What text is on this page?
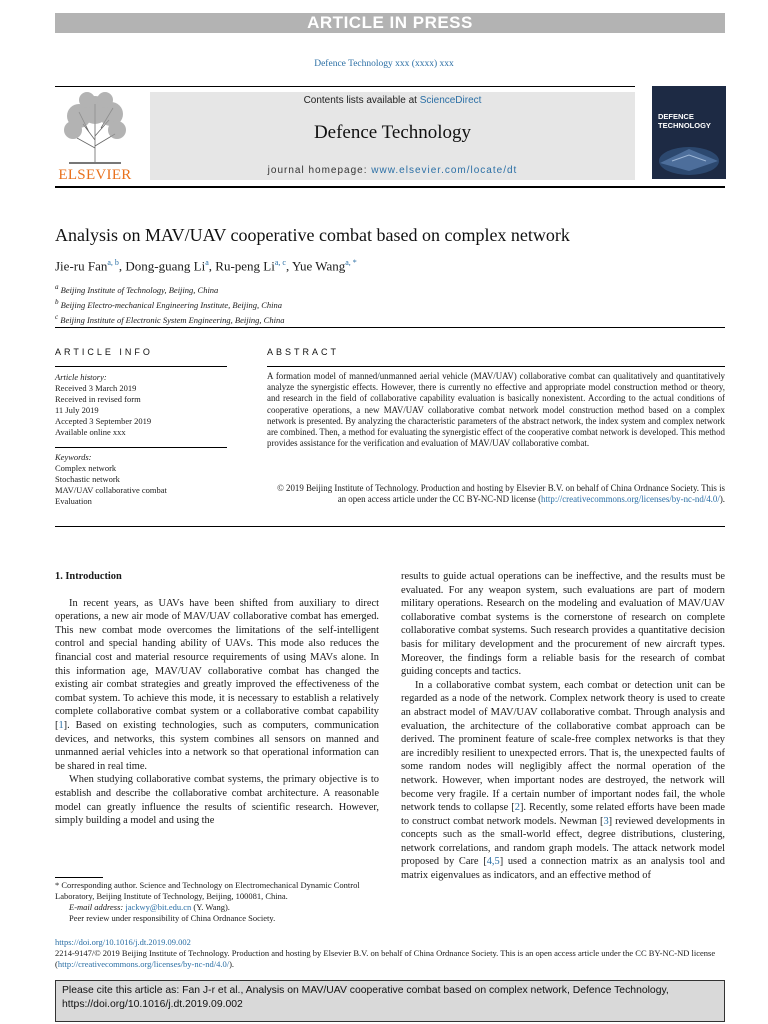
ARTICLE IN PRESS
Defence Technology xxx (xxxx) xxx
ELSEVIER
Contents lists available at ScienceDirect
Defence Technology
journal homepage: www.elsevier.com/locate/dt
DEFENCE
TECHNOLOGY
Analysis on MAV/UAV cooperative combat based on complex network
Jie-ru Fan$^{a, b}$, Dong-guang Li$^a$, Ru-peng Li$^{a, c}$, Yue Wang$^{a, *}$
$^a$ Beijing Institute of Technology, Beijing, China
$^b$ Beijing Electro-mechanical Engineering Institute, Beijing, China
$^c$ Beijing Institute of Electronic System Engineering, Beijing, China
ARTICLE INFO
Article history:
Received 3 March 2019
Received in revised form
11 July 2019
Accepted 3 September 2019
Available online xxx
Keywords:
Complex network
Stochastic network
MAV/UAV collaborative combat
Evaluation
ABSTRACT
A formation model of manned/unmanned aerial vehicle (MAV/UAV) collaborative combat can qualitatively and quantitatively analyze the synergistic effects. However, there is currently no effective and appropriate model construction method or theory, and research in the field of collaborative capability evaluation is basically nonexistent. According to the actual conditions of cooperative operations, a new MAV/UAV collaborative combat network model construction method based on a complex network is presented. By analyzing the characteristic parameters of the abstract network, the index system and complex network are combined. Then, a method for evaluating the synergistic effect of the cooperative combat network is developed. This method provides assistance for the verification and evaluation of MAV/UAV collaborative combat.
© 2019 Beijing Institute of Technology. Production and hosting by Elsevier B.V. on behalf of China Ordnance Society. This is an open access article under the CC BY-NC-ND license (http://creativecommons.org/licenses/by-nc-nd/4.0/).
1. Introduction

In recent years, as UAVs have been shifted from auxiliary to direct operations, a new air mode of MAV/UAV collaborative combat has emerged. This new combat mode overcomes the limitations of the self-intelligent control and special handing ability of UAVs. This mode also reduces the financial cost and material resource requirements of using MAVs alone. In this information age, MAV/UAV collaborative combat has changed the existing air combat strategies and greatly improved the effectiveness of the combat system. To achieve this mode, it is necessary to establish a relatively complete collaborative combat system or a collaborative combat capability [1]. Based on existing technologies, such as computers, communication devices, and networks, this system combines all sensors on manned and unmanned aerial vehicles into a network so that operational information can be shared in real time.

When studying collaborative combat systems, the primary objective is to establish and describe the collaborative combat architecture. A reasonable model can greatly influence the results of scientific research. However, simply building a model and using the

results to guide actual operations can be ineffective, and the results must be evaluated. For any weapon system, such evaluations are part of modern military operations. Research on the modeling and evaluation of MAV/UAV collaborative combat systems is the cornerstone of research on complete collaborative combat systems. Such research provides a quantitative decision basis for military development and the procurement of new aircraft types. Moreover, the findings form a reliable basis for the research of combat guiding concepts and tactics.

In a collaborative combat system, each combat or detection unit can be regarded as a node of the network. Complex network theory is used to create an abstract model of MAV/UAV collaborative combat. Through analysis and evaluation, the architecture of the collaborative combat approach can be derived. The prominent feature of scale-free complex networks is that they are incredibly resilient to unexpected errors. That is, the unexpected faults of some random nodes will negligibly affect the normal operation of the network. However, when important nodes are destroyed, the network will become very fragile. If a certain number of important nodes fail, the whole network tends to collapse [2]. Recently, some related efforts have been made to construct combat network models. Newman [3] reviewed developments in concepts such as the small-world effect, degree distributions, clustering, network correlations, and random graph models. The attack network model proposed by Care [4,5] used a connection matrix as an analysis tool and matrix eigenvalues as indicators, and an effective method of

* Corresponding author. Science and Technology on Electromechanical Dynamic Control Laboratory, Beijing Institute of Technology, Beijing, 100081, China.
E-mail address: jackwy@bit.edu.cn (Y. Wang).
Peer review under responsibility of China Ordnance Society.
https://doi.org/10.1016/j.dt.2019.09.002
2214-9147/© 2019 Beijing Institute of Technology. Production and hosting by Elsevier B.V. on behalf of China Ordnance Society. This is an open access article under the CC BY-NC-ND license (http://creativecommons.org/licenses/by-nc-nd/4.0/).
Please cite this article as: Fan J-r et al., Analysis on MAV/UAV cooperative combat based on complex network, Defence Technology, https://doi.org/10.1016/j.dt.2019.09.002
